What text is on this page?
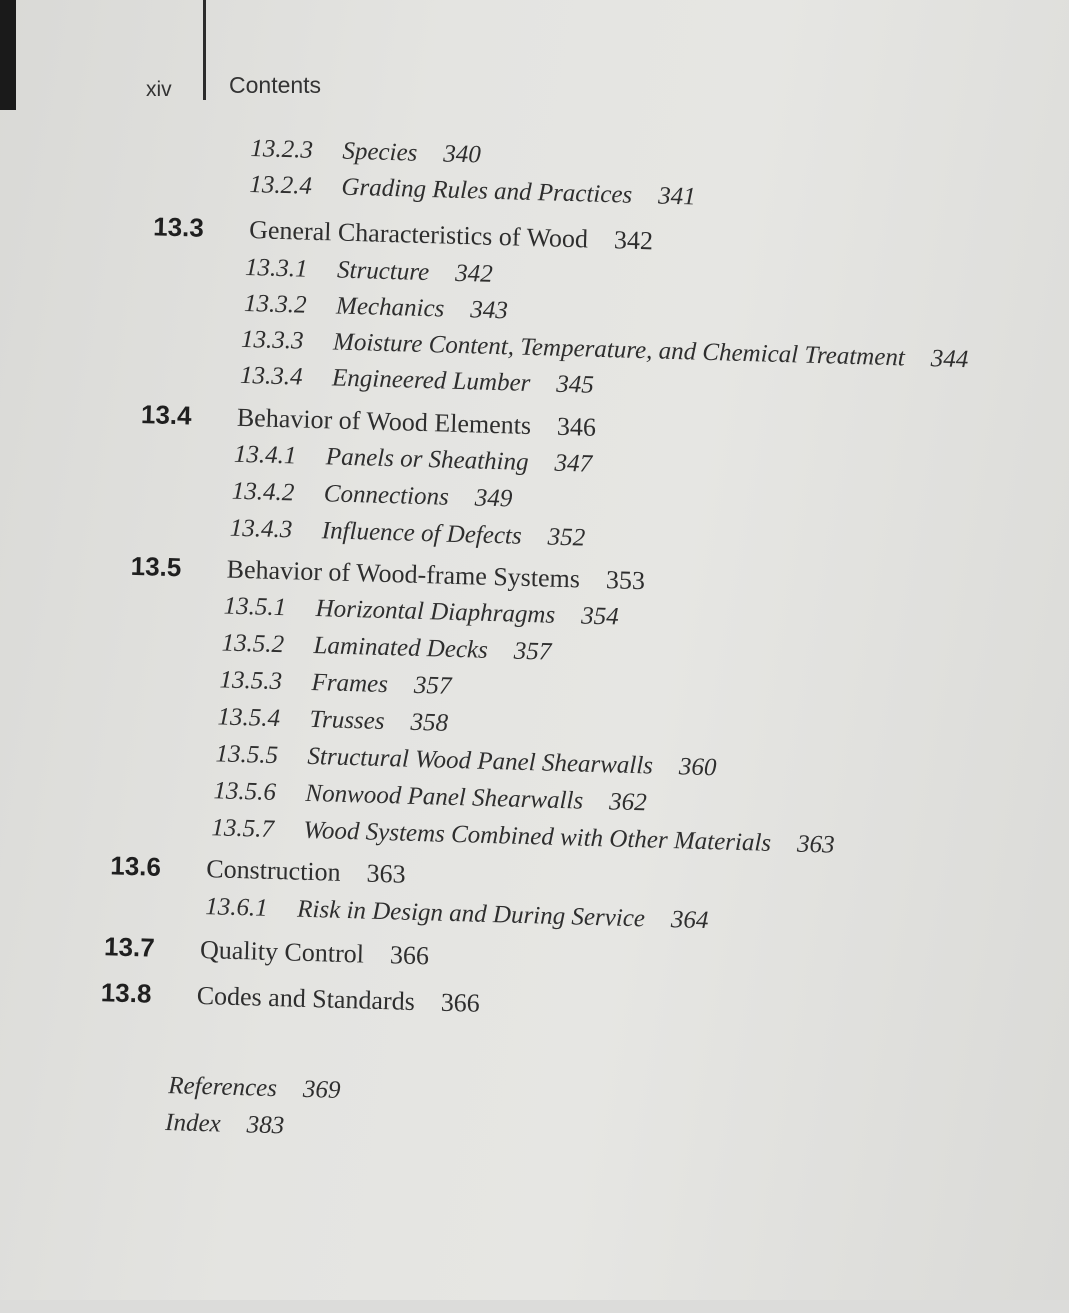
xiv Contents
13.2.3 Species 340
13.2.4 Grading Rules and Practices 341
13.3 General Characteristics of Wood 342
13.3.1 Structure 342
13.3.2 Mechanics 343
13.3.3 Moisture Content, Temperature, and Chemical Treatment 344
13.3.4 Engineered Lumber 345
13.4 Behavior of Wood Elements 346
13.4.1 Panels or Sheathing 347
13.4.2 Connections 349
13.4.3 Influence of Defects 352
13.5 Behavior of Wood-frame Systems 353
13.5.1 Horizontal Diaphragms 354
13.5.2 Laminated Decks 357
13.5.3 Frames 357
13.5.4 Trusses 358
13.5.5 Structural Wood Panel Shearwalls 360
13.5.6 Nonwood Panel Shearwalls 362
13.5.7 Wood Systems Combined with Other Materials 363
13.6 Construction 363
13.6.1 Risk in Design and During Service 364
13.7 Quality Control 366
13.8 Codes and Standards 366
References 369
Index 383
